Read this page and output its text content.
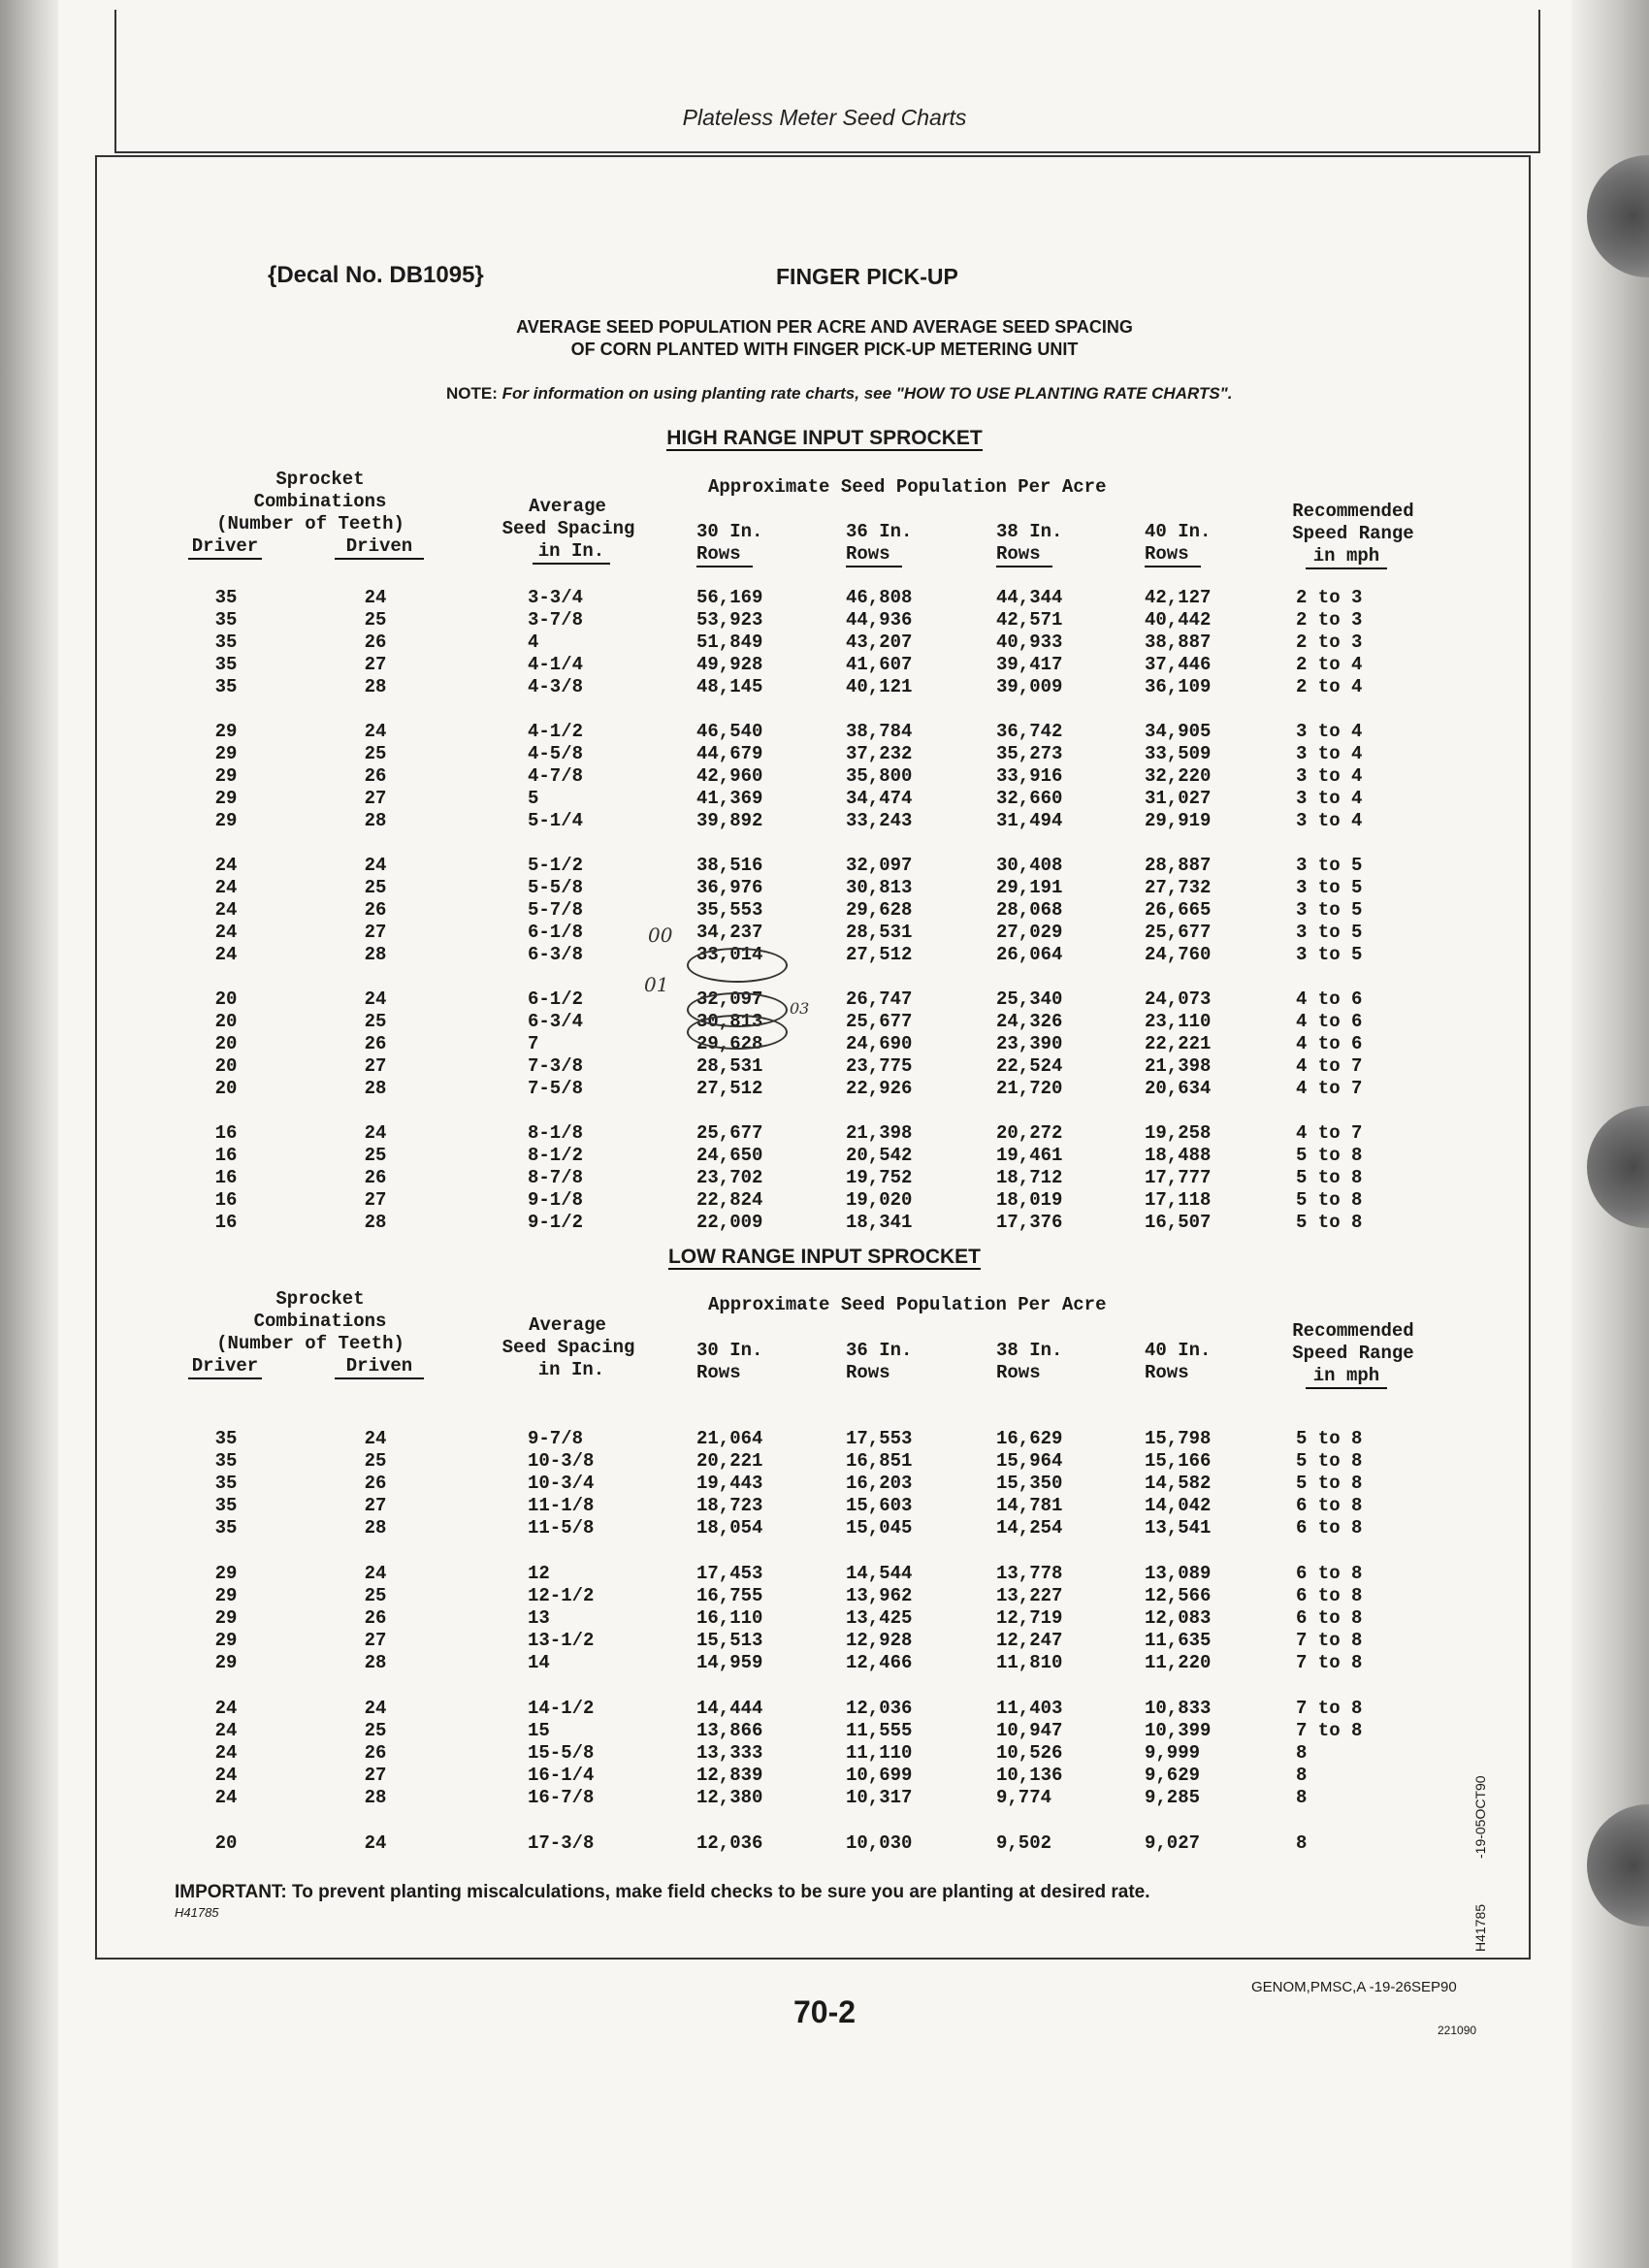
Plateless Meter Seed Charts
{Decal No. DB1095}	FINGER PICK-UP
AVERAGE SEED POPULATION PER ACRE AND AVERAGE SEED SPACING
OF CORN PLANTED WITH FINGER PICK-UP METERING UNIT
NOTE: For information on using planting rate charts, see "HOW TO USE PLANTING RATE CHARTS".
HIGH RANGE INPUT SPROCKET
Sprocket
Combinations
(Number of Teeth)
Driver	Driven
Average
Seed Spacing
in In.
Approximate Seed Population Per Acre
30 In.
Rows
36 In.
Rows
38 In.
Rows
40 In.
Rows
Recommended
Speed Range
in mph
35	24	3-3/4	56,169	46,808	44,344	42,127	2 to 3
35	25	3-7/8	53,923	44,936	42,571	40,442	2 to 3
35	26	4	51,849	43,207	40,933	38,887	2 to 3
35	27	4-1/4	49,928	41,607	39,417	37,446	2 to 4
35	28	4-3/8	48,145	40,121	39,009	36,109	2 to 4
29	24	4-1/2	46,540	38,784	36,742	34,905	3 to 4
29	25	4-5/8	44,679	37,232	35,273	33,509	3 to 4
29	26	4-7/8	42,960	35,800	33,916	32,220	3 to 4
29	27	5	41,369	34,474	32,660	31,027	3 to 4
29	28	5-1/4	39,892	33,243	31,494	29,919	3 to 4
24	24	5-1/2	38,516	32,097	30,408	28,887	3 to 5
24	25	5-5/8	36,976	30,813	29,191	27,732	3 to 5
24	26	5-7/8	35,553	29,628	28,068	26,665	3 to 5
24	27	6-1/8	34,237	28,531	27,029	25,677	3 to 5
24	28	6-3/8	33,014	27,512	26,064	24,760	3 to 5
20	24	6-1/2	32,097	26,747	25,340	24,073	4 to 6
20	25	6-3/4	30,813	25,677	24,326	23,110	4 to 6
20	26	7	29,628	24,690	23,390	22,221	4 to 6
20	27	7-3/8	28,531	23,775	22,524	21,398	4 to 7
20	28	7-5/8	27,512	22,926	21,720	20,634	4 to 7
16	24	8-1/8	25,677	21,398	20,272	19,258	4 to 7
16	25	8-1/2	24,650	20,542	19,461	18,488	5 to 8
16	26	8-7/8	23,702	19,752	18,712	17,777	5 to 8
16	27	9-1/8	22,824	19,020	18,019	17,118	5 to 8
16	28	9-1/2	22,009	18,341	17,376	16,507	5 to 8
LOW RANGE INPUT SPROCKET
Sprocket
Combinations
(Number of Teeth)
Driver	Driven
Average
Seed Spacing
in In.
Approximate Seed Population Per Acre
30 In.
Rows
36 In.
Rows
38 In.
Rows
40 In.
Rows
Recommended
Speed Range
in mph
35	24	9-7/8	21,064	17,553	16,629	15,798	5 to 8
35	25	10-3/8	20,221	16,851	15,964	15,166	5 to 8
35	26	10-3/4	19,443	16,203	15,350	14,582	5 to 8
35	27	11-1/8	18,723	15,603	14,781	14,042	6 to 8
35	28	11-5/8	18,054	15,045	14,254	13,541	6 to 8
29	24	12	17,453	14,544	13,778	13,089	6 to 8
29	25	12-1/2	16,755	13,962	13,227	12,566	6 to 8
29	26	13	16,110	13,425	12,719	12,083	6 to 8
29	27	13-1/2	15,513	12,928	12,247	11,635	7 to 8
29	28	14	14,959	12,466	11,810	11,220	7 to 8
24	24	14-1/2	14,444	12,036	11,403	10,833	7 to 8
24	25	15	13,866	11,555	10,947	10,399	7 to 8
24	26	15-5/8	13,333	11,110	10,526	9,999	8
24	27	16-1/4	12,839	10,699	10,136	9,629	8
24	28	16-7/8	12,380	10,317	9,774	9,285	8
20	24	17-3/8	12,036	10,030	9,502	9,027	8
00
01
03
IMPORTANT: To prevent planting miscalculations, make field checks to be sure you are planting at desired rate.
H41785
-19-05OCT90
H41785
GENOM,PMSC,A -19-26SEP90
70-2
221090
